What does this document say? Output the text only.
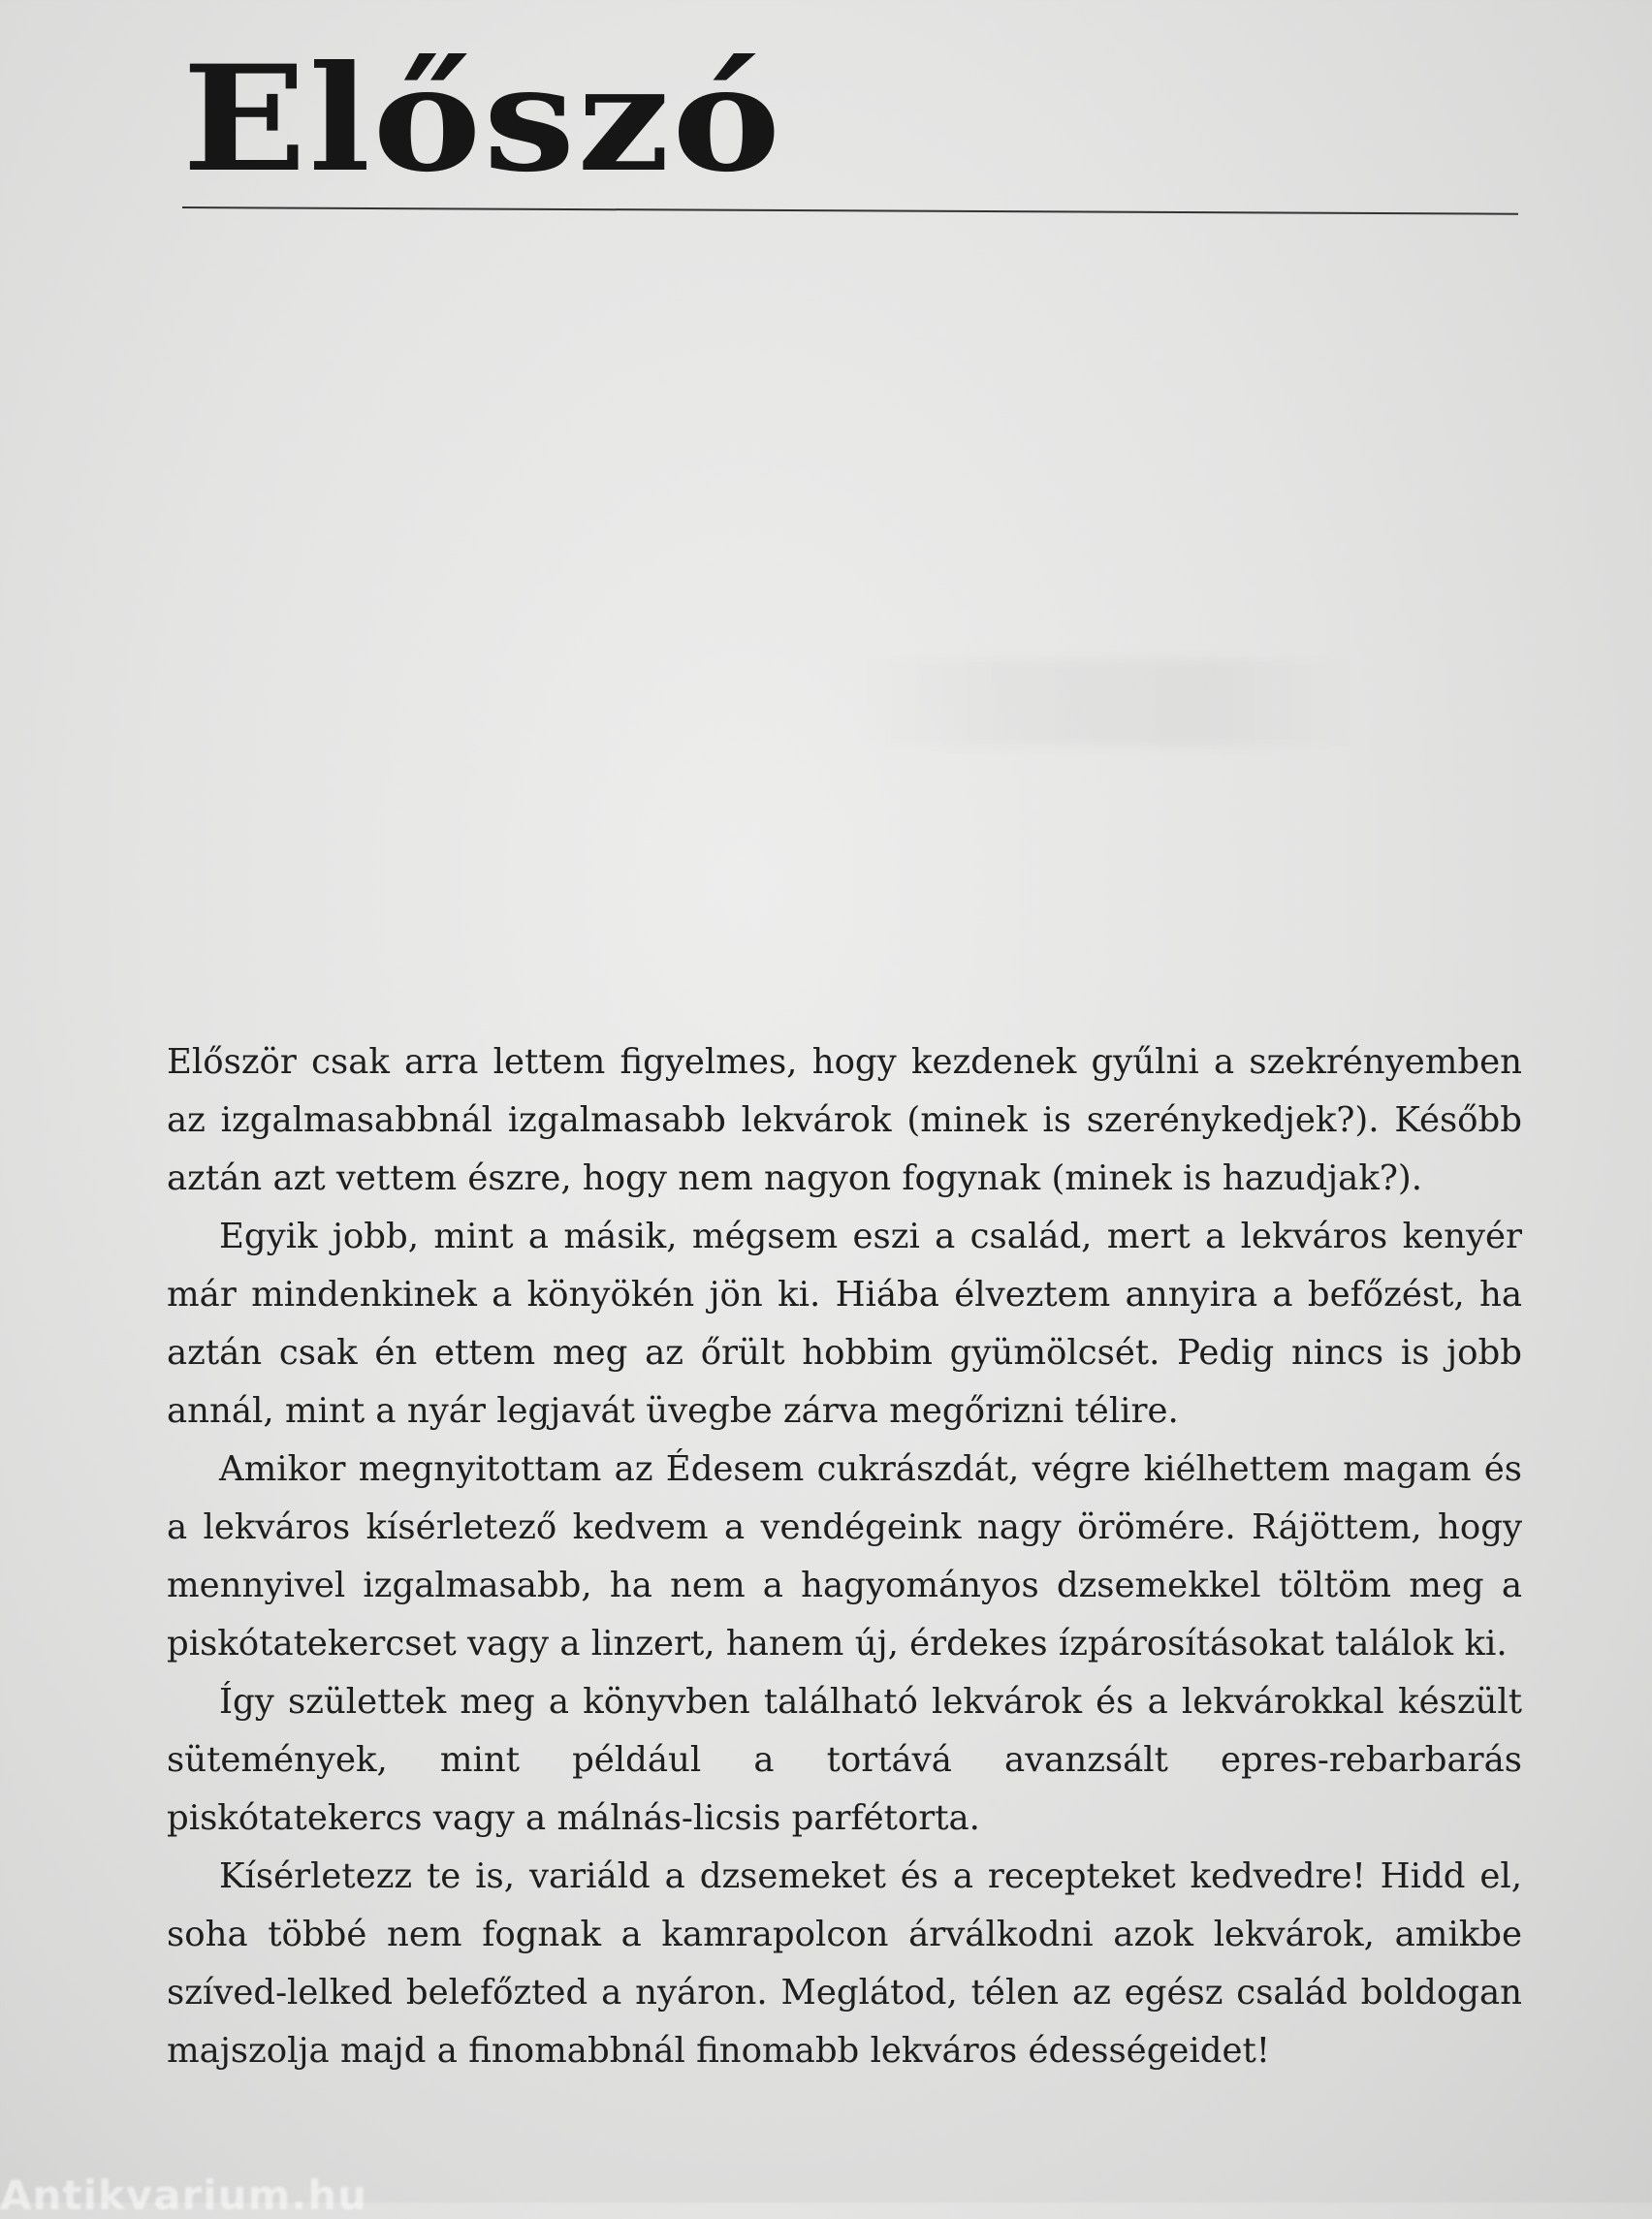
Előszó

Először csak arra lettem figyelmes, hogy kezdenek gyűlni a szekrényemben az izgalmasabbnál izgalmasabb lekvárok (minek is szerénykedjek?). Később aztán azt vettem észre, hogy nem nagyon fogynak (minek is hazudjak?).

Egyik jobb, mint a másik, mégsem eszi a család, mert a lekváros kenyér már mindenkinek a könyökén jön ki. Hiába élveztem annyira a befőzést, ha aztán csak én ettem meg az őrült hobbim gyümölcsét. Pedig nincs is jobb annál, mint a nyár legjavát üvegbe zárva megőrizni télire.

Amikor megnyitottam az Édesem cukrászdát, végre kiélhettem magam és a lekváros kísérletező kedvem a vendégeink nagy örömére. Rájöttem, hogy mennyivel izgalmasabb, ha nem a hagyományos dzsemekkel töltöm meg a piskótatekercset vagy a linzert, hanem új, érdekes ízpárosításokat találok ki.

Így születtek meg a könyvben található lekvárok és a lekvárokkal készült sütemények, mint például a tortává avanzsált epres-rebarbarás piskótatekercs vagy a málnás-licsis parfétorta.

Kísérletezz te is, variáld a dzsemeket és a recepteket kedvedre! Hidd el, soha többé nem fognak a kamrapolcon árválkodni azok lekvárok, amikbe szíved-lelked belefőzted a nyáron. Meglátod, télen az egész család boldogan majszolja majd a finomabbnál finomabb lekváros édességeidet!

Antikvarium.hu
